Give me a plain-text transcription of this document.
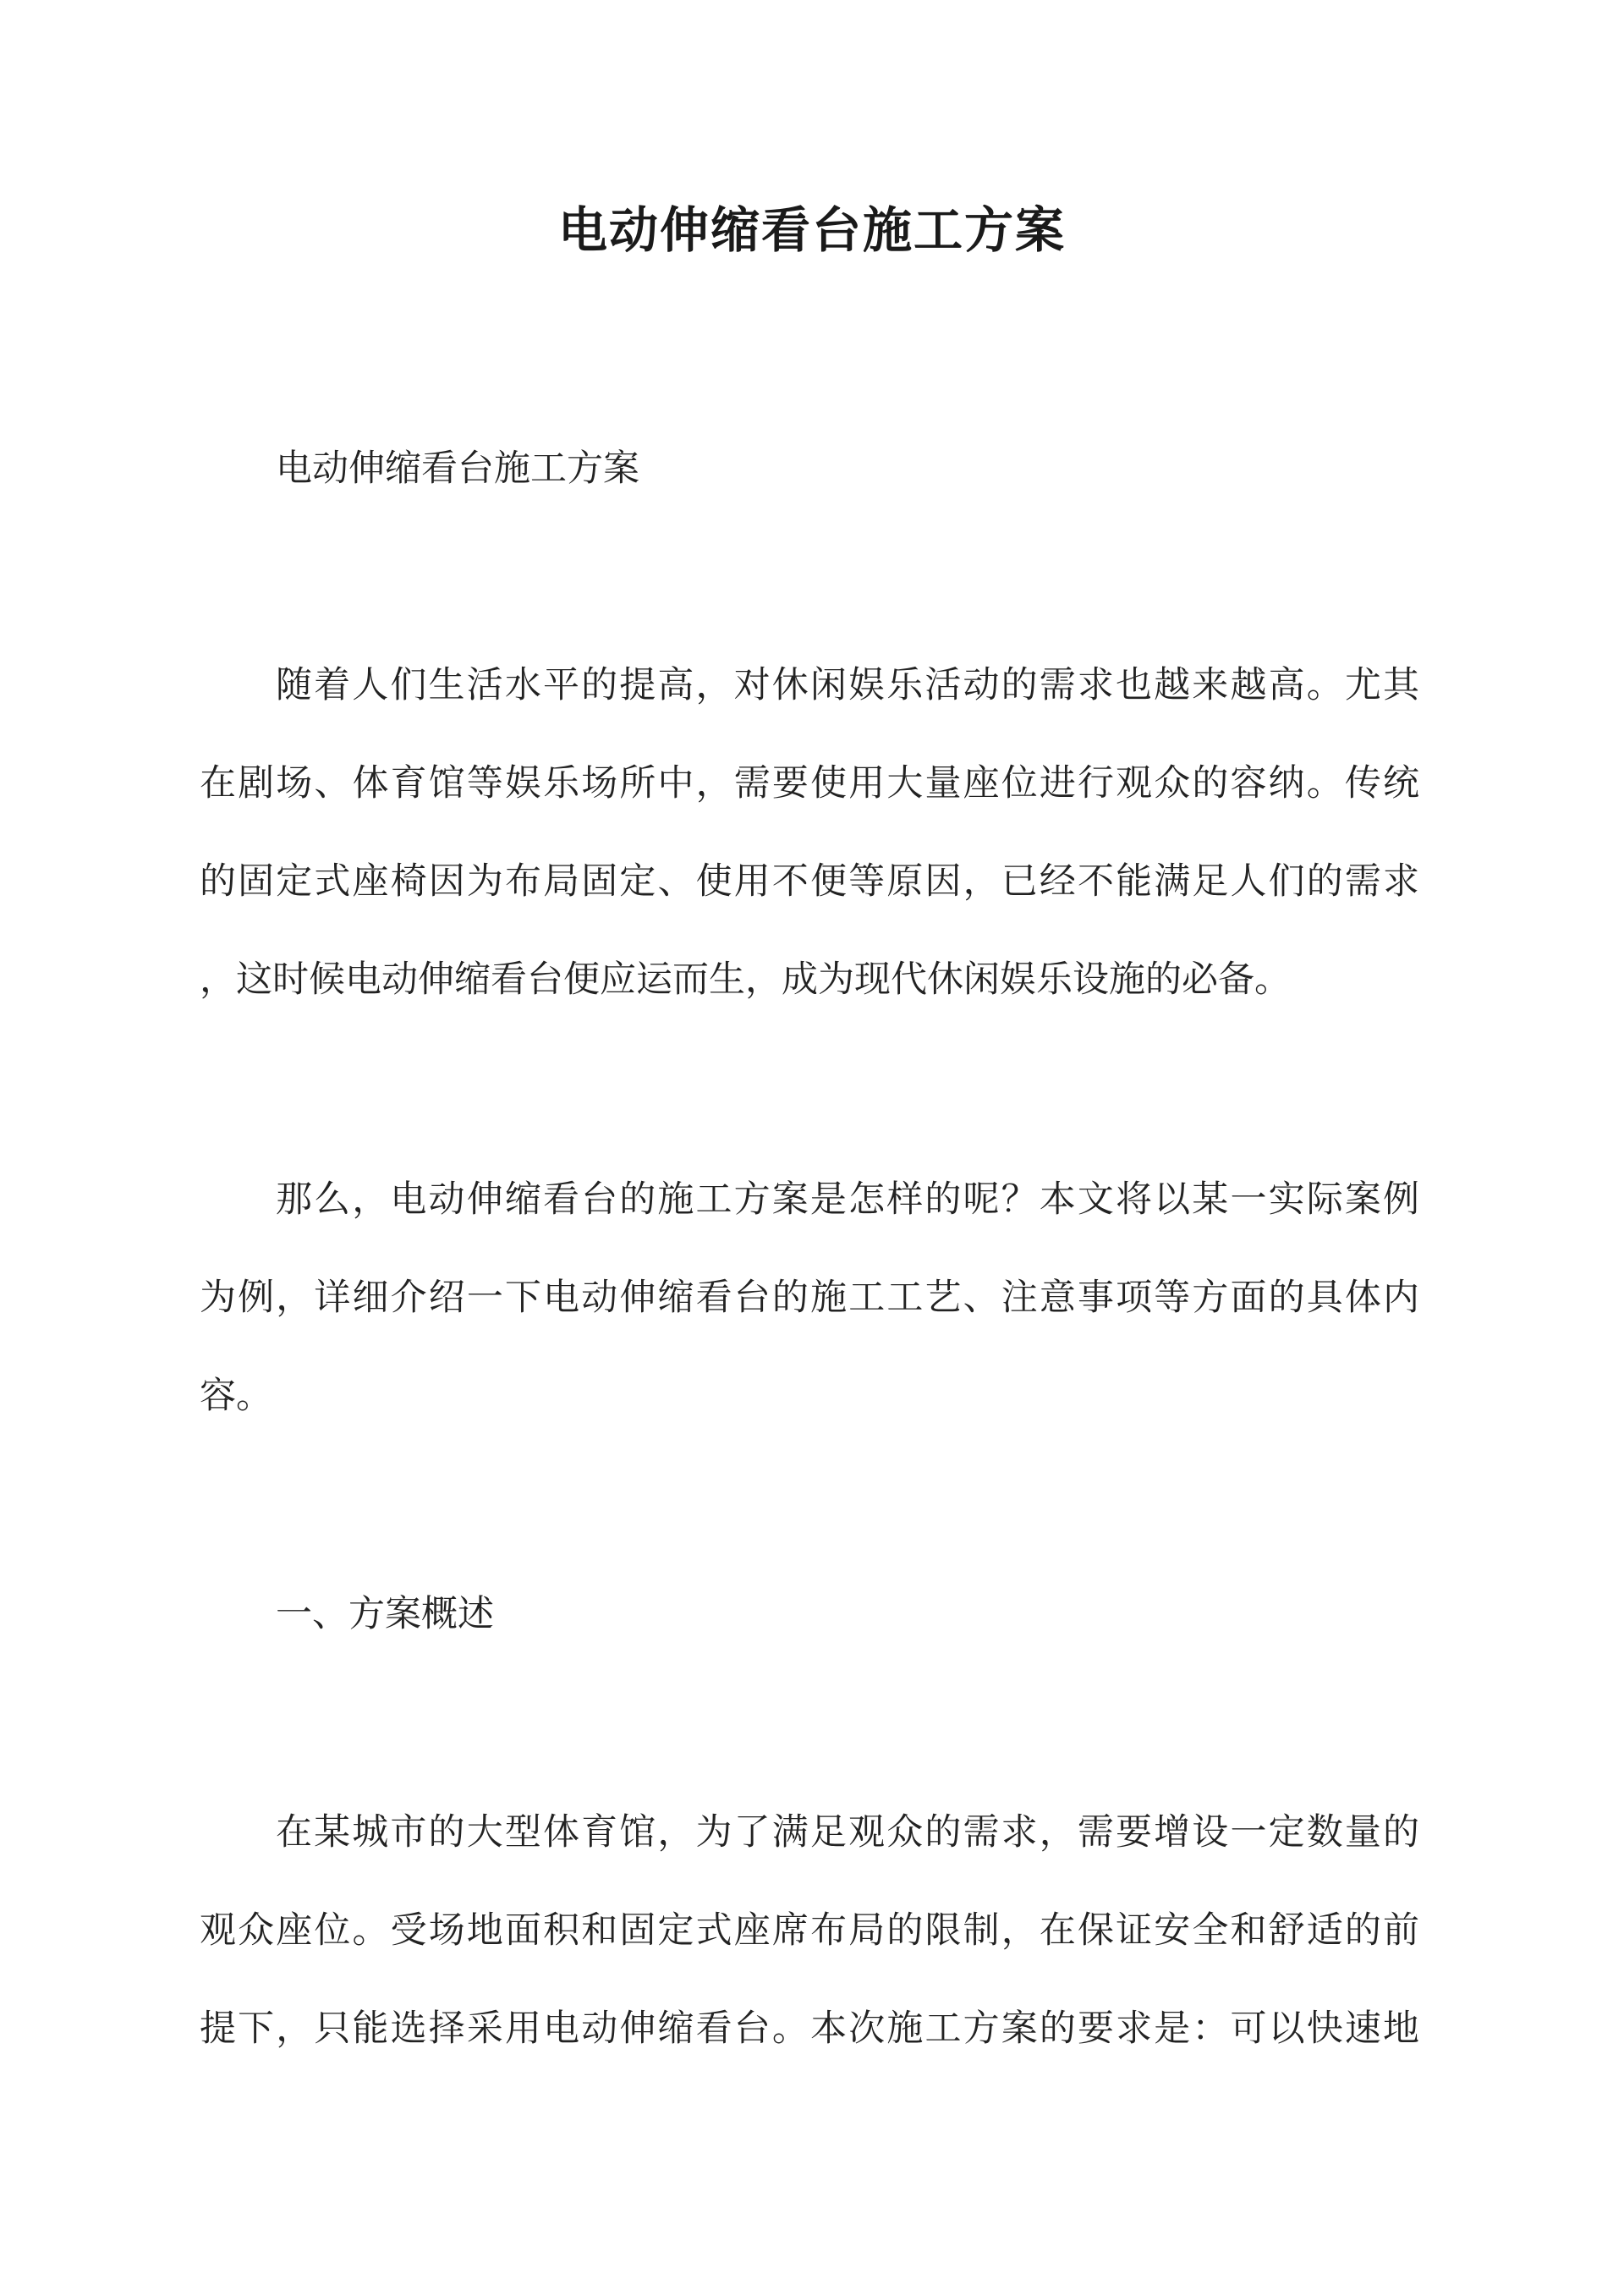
电动伸缩看台施工方案
电动伸缩看台施工方案
随着人们生活水平的提高，对休闲娱乐活动的需求也越来越高。尤其
在剧场、体育馆等娱乐场所中，需要使用大量座位进行观众的容纳。传统
的固定式座椅因为布局固定、使用不便等原因，已经不能满足人们的需求
，这时候电动伸缩看台便应运而生，成为现代休闲娱乐设施的必备。
那么，电动伸缩看台的施工方案是怎样的呢？本文将以某一实际案例
为例，详细介绍一下电动伸缩看台的施工工艺、注意事项等方面的具体内
容。
一、方案概述
在某城市的大型体育馆，为了满足观众的需求，需要增设一定数量的
观众座位。受场地面积和固定式座席布局的限制，在保证安全和舒适的前
提下，只能选择采用电动伸缩看台。本次施工方案的要求是：可以快速地
